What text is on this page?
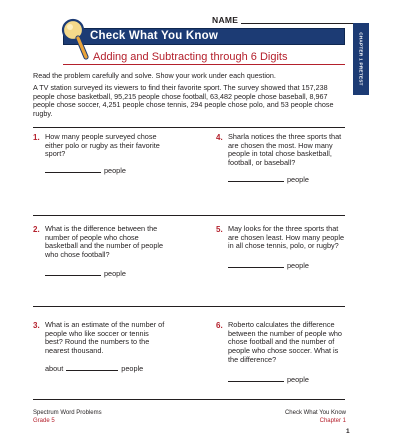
NAME
Check What You Know
Adding and Subtracting through 6 Digits	CHAPTER 1 PRETEST
Read the problem carefully and solve. Show your work under each question.
A TV station surveyed its viewers to find their favorite sport. The survey showed that 157,238 people chose basketball, 95,215 people chose football, 63,482 people chose baseball, 8,967 people chose soccer, 4,251 people chose tennis, 294 people chose polo, and 53 people chose rugby.
1. How many people surveyed chose either polo or rugby as their favorite sport?
people
4. Sharla notices the three sports that are chosen the most. How many people in total chose basketball, football, or baseball?
people
2. What is the difference between the number of people who chose basketball and the number of people who chose football?
people
5. May looks for the three sports that are chosen least. How many people in all chose tennis, polo, or rugby?
people
3. What is an estimate of the number of people who like soccer or tennis best? Round the numbers to the nearest thousand.
about	people
6. Roberto calculates the difference between the number of people who chose football and the number of people who chose soccer. What is the difference?
people
Spectrum Word Problems
Grade 5
Check What You Know
Chapter 1
1
